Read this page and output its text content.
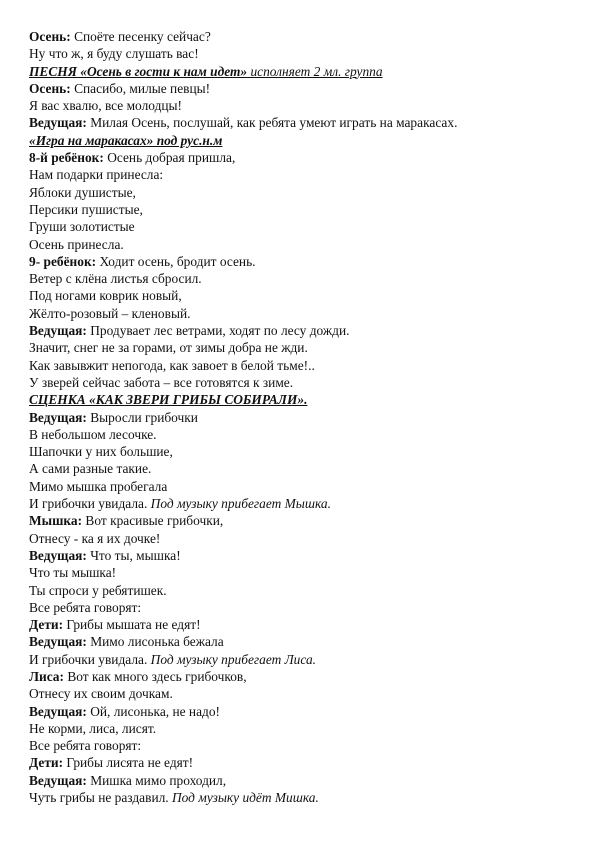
Осень: Споёте песенку сейчас?
Ну что ж, я буду слушать вас!
ПЕСНЯ «Осень в гости к нам идет» исполняет 2 мл. группа
Осень: Спасибо, милые певцы!
Я вас хвалю, все молодцы!
Ведущая: Милая Осень, послушай, как ребята умеют играть на маракасах.
«Игра на маракасах» под рус.н.м
8-й ребёнок: Осень добрая пришла,
Нам подарки принесла:
Яблоки душистые,
Персики пушистые,
Груши золотистые
Осень принесла.
9- ребёнок: Ходит осень, бродит осень.
Ветер с клёна листья сбросил.
Под ногами коврик новый,
Жёлто-розовый – кленовый.
Ведущая: Продувает лес ветрами, ходят по лесу дожди.
Значит, снег не за горами, от зимы добра не жди.
Как завывжит непогода, как завоет в белой тьме!..
У зверей сейчас забота – все готовятся к зиме.
СЦЕНКА «КАК ЗВЕРИ ГРИБЫ СОБИРАЛИ».
Ведущая: Выросли грибочки
В небольшом лесочке.
Шапочки у них большие,
А сами разные такие.
Мимо мышка пробегала
И грибочки увидала. Под музыку прибегает Мышка.
Мышка: Вот красивые грибочки,
Отнесу - ка я их дочке!
Ведущая: Что ты, мышка!
Что ты мышка!
Ты спроси у ребятишек.
Все ребята говорят:
Дети: Грибы мышата не едят!
Ведущая: Мимо лисонька бежала
И грибочки увидала. Под музыку прибегает Лиса.
Лиса: Вот как много здесь грибочков,
Отнесу их своим дочкам.
Ведущая: Ой, лисонька, не надо!
Не корми, лиса, лисят.
Все ребята говорят:
Дети: Грибы лисята не едят!
Ведущая: Мишка мимо проходил,
Чуть грибы не раздавил. Под музыку идёт Мишка.
